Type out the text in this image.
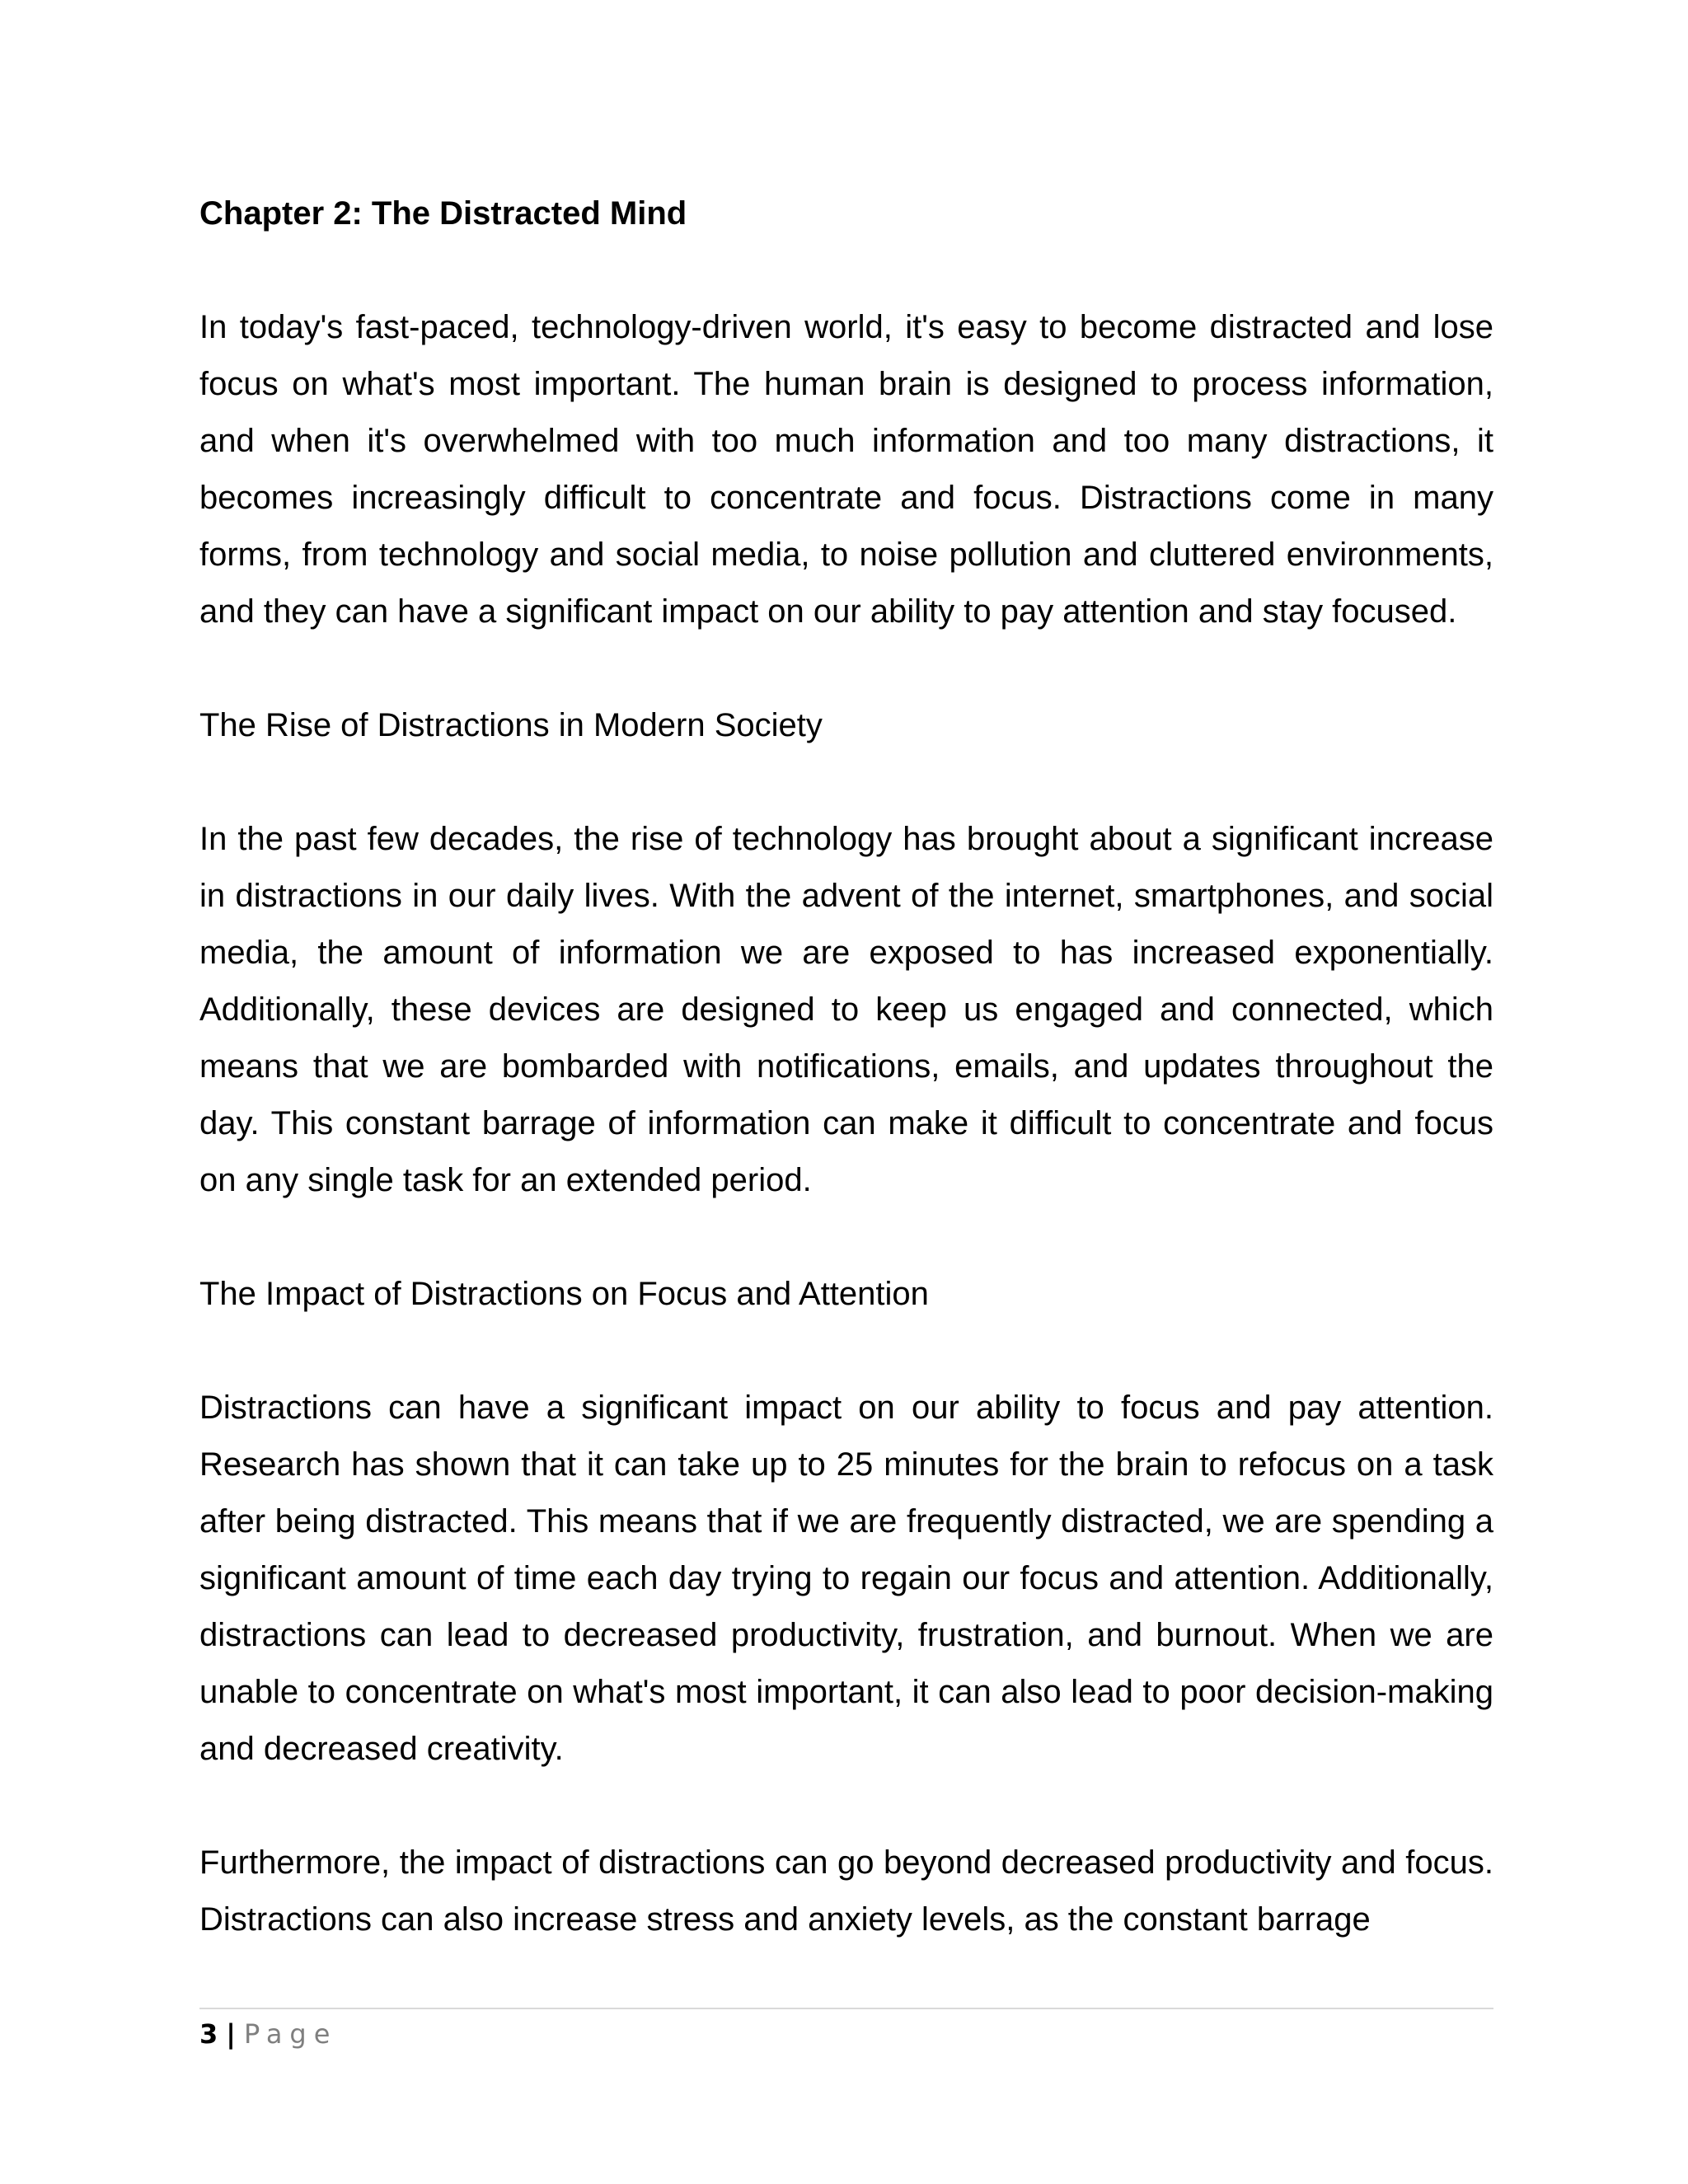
Chapter 2: The Distracted Mind
In today's fast-paced, technology-driven world, it's easy to become distracted and lose focus on what's most important. The human brain is designed to process information, and when it's overwhelmed with too much information and too many distractions, it becomes increasingly difficult to concentrate and focus. Distractions come in many forms, from technology and social media, to noise pollution and cluttered environments, and they can have a significant impact on our ability to pay attention and stay focused.
The Rise of Distractions in Modern Society
In the past few decades, the rise of technology has brought about a significant increase in distractions in our daily lives. With the advent of the internet, smartphones, and social media, the amount of information we are exposed to has increased exponentially. Additionally, these devices are designed to keep us engaged and connected, which means that we are bombarded with notifications, emails, and updates throughout the day. This constant barrage of information can make it difficult to concentrate and focus on any single task for an extended period.
The Impact of Distractions on Focus and Attention
Distractions can have a significant impact on our ability to focus and pay attention. Research has shown that it can take up to 25 minutes for the brain to refocus on a task after being distracted. This means that if we are frequently distracted, we are spending a significant amount of time each day trying to regain our focus and attention. Additionally, distractions can lead to decreased productivity, frustration, and burnout. When we are unable to concentrate on what's most important, it can also lead to poor decision-making and decreased creativity.
Furthermore, the impact of distractions can go beyond decreased productivity and focus. Distractions can also increase stress and anxiety levels, as the constant barrage
3 | Page
